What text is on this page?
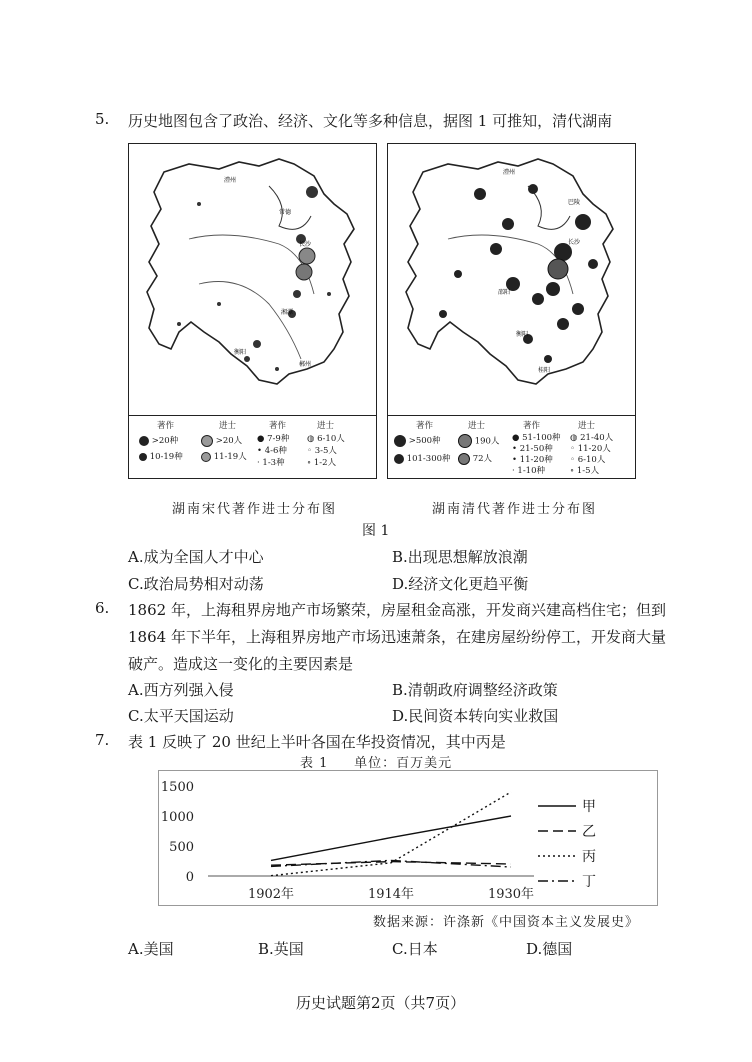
5. 历史地图包含了政治、经济、文化等多种信息，据图 1 可推知，清代湖南
澧州
常德
长沙
湘潭
衡阳
郴州
著作	进士	著作	进士
>20种
10-19种
>20人
11-19人
● 7-9种
• 4-6种
· 1-3种
◍ 6-10人
◦ 3-5人
∘ 1-2人
澧州
巴陵
长沙
邵阳
衡阳
桂阳
著作	进士	著作	进士
>500种
101-300种
190人
72人
● 51-100种
• 21-50种
• 11-20种
· 1-10种
◍ 21-40人
◦ 11-20人
◦ 6-10人
∘ 1-5人
湖南宋代著作进士分布图	湖南清代著作进士分布图
图 1
A.成为全国人才中心	B.出现思想解放浪潮
C.政治局势相对动荡	D.经济文化更趋平衡
6. 1862 年，上海租界房地产市场繁荣，房屋租金高涨，开发商兴建高档住宅；但到
1864 年下半年，上海租界房地产市场迅速萧条，在建房屋纷纷停工，开发商大量
破产。造成这一变化的主要因素是
A.西方列强入侵	B.清朝政府调整经济政策
C.太平天国运动	D.民间资本转向实业救国
7. 表 1 反映了 20 世纪上半叶各国在华投资情况，其中丙是
表 1     单位：百万美元
0
500
1000
1500
1902年	1914年	1930年
甲
乙
丙
丁
数据来源：许涤新《中国资本主义发展史》
A.美国	B.英国	C.日本	D.德国
历史试题第2页（共7页）
